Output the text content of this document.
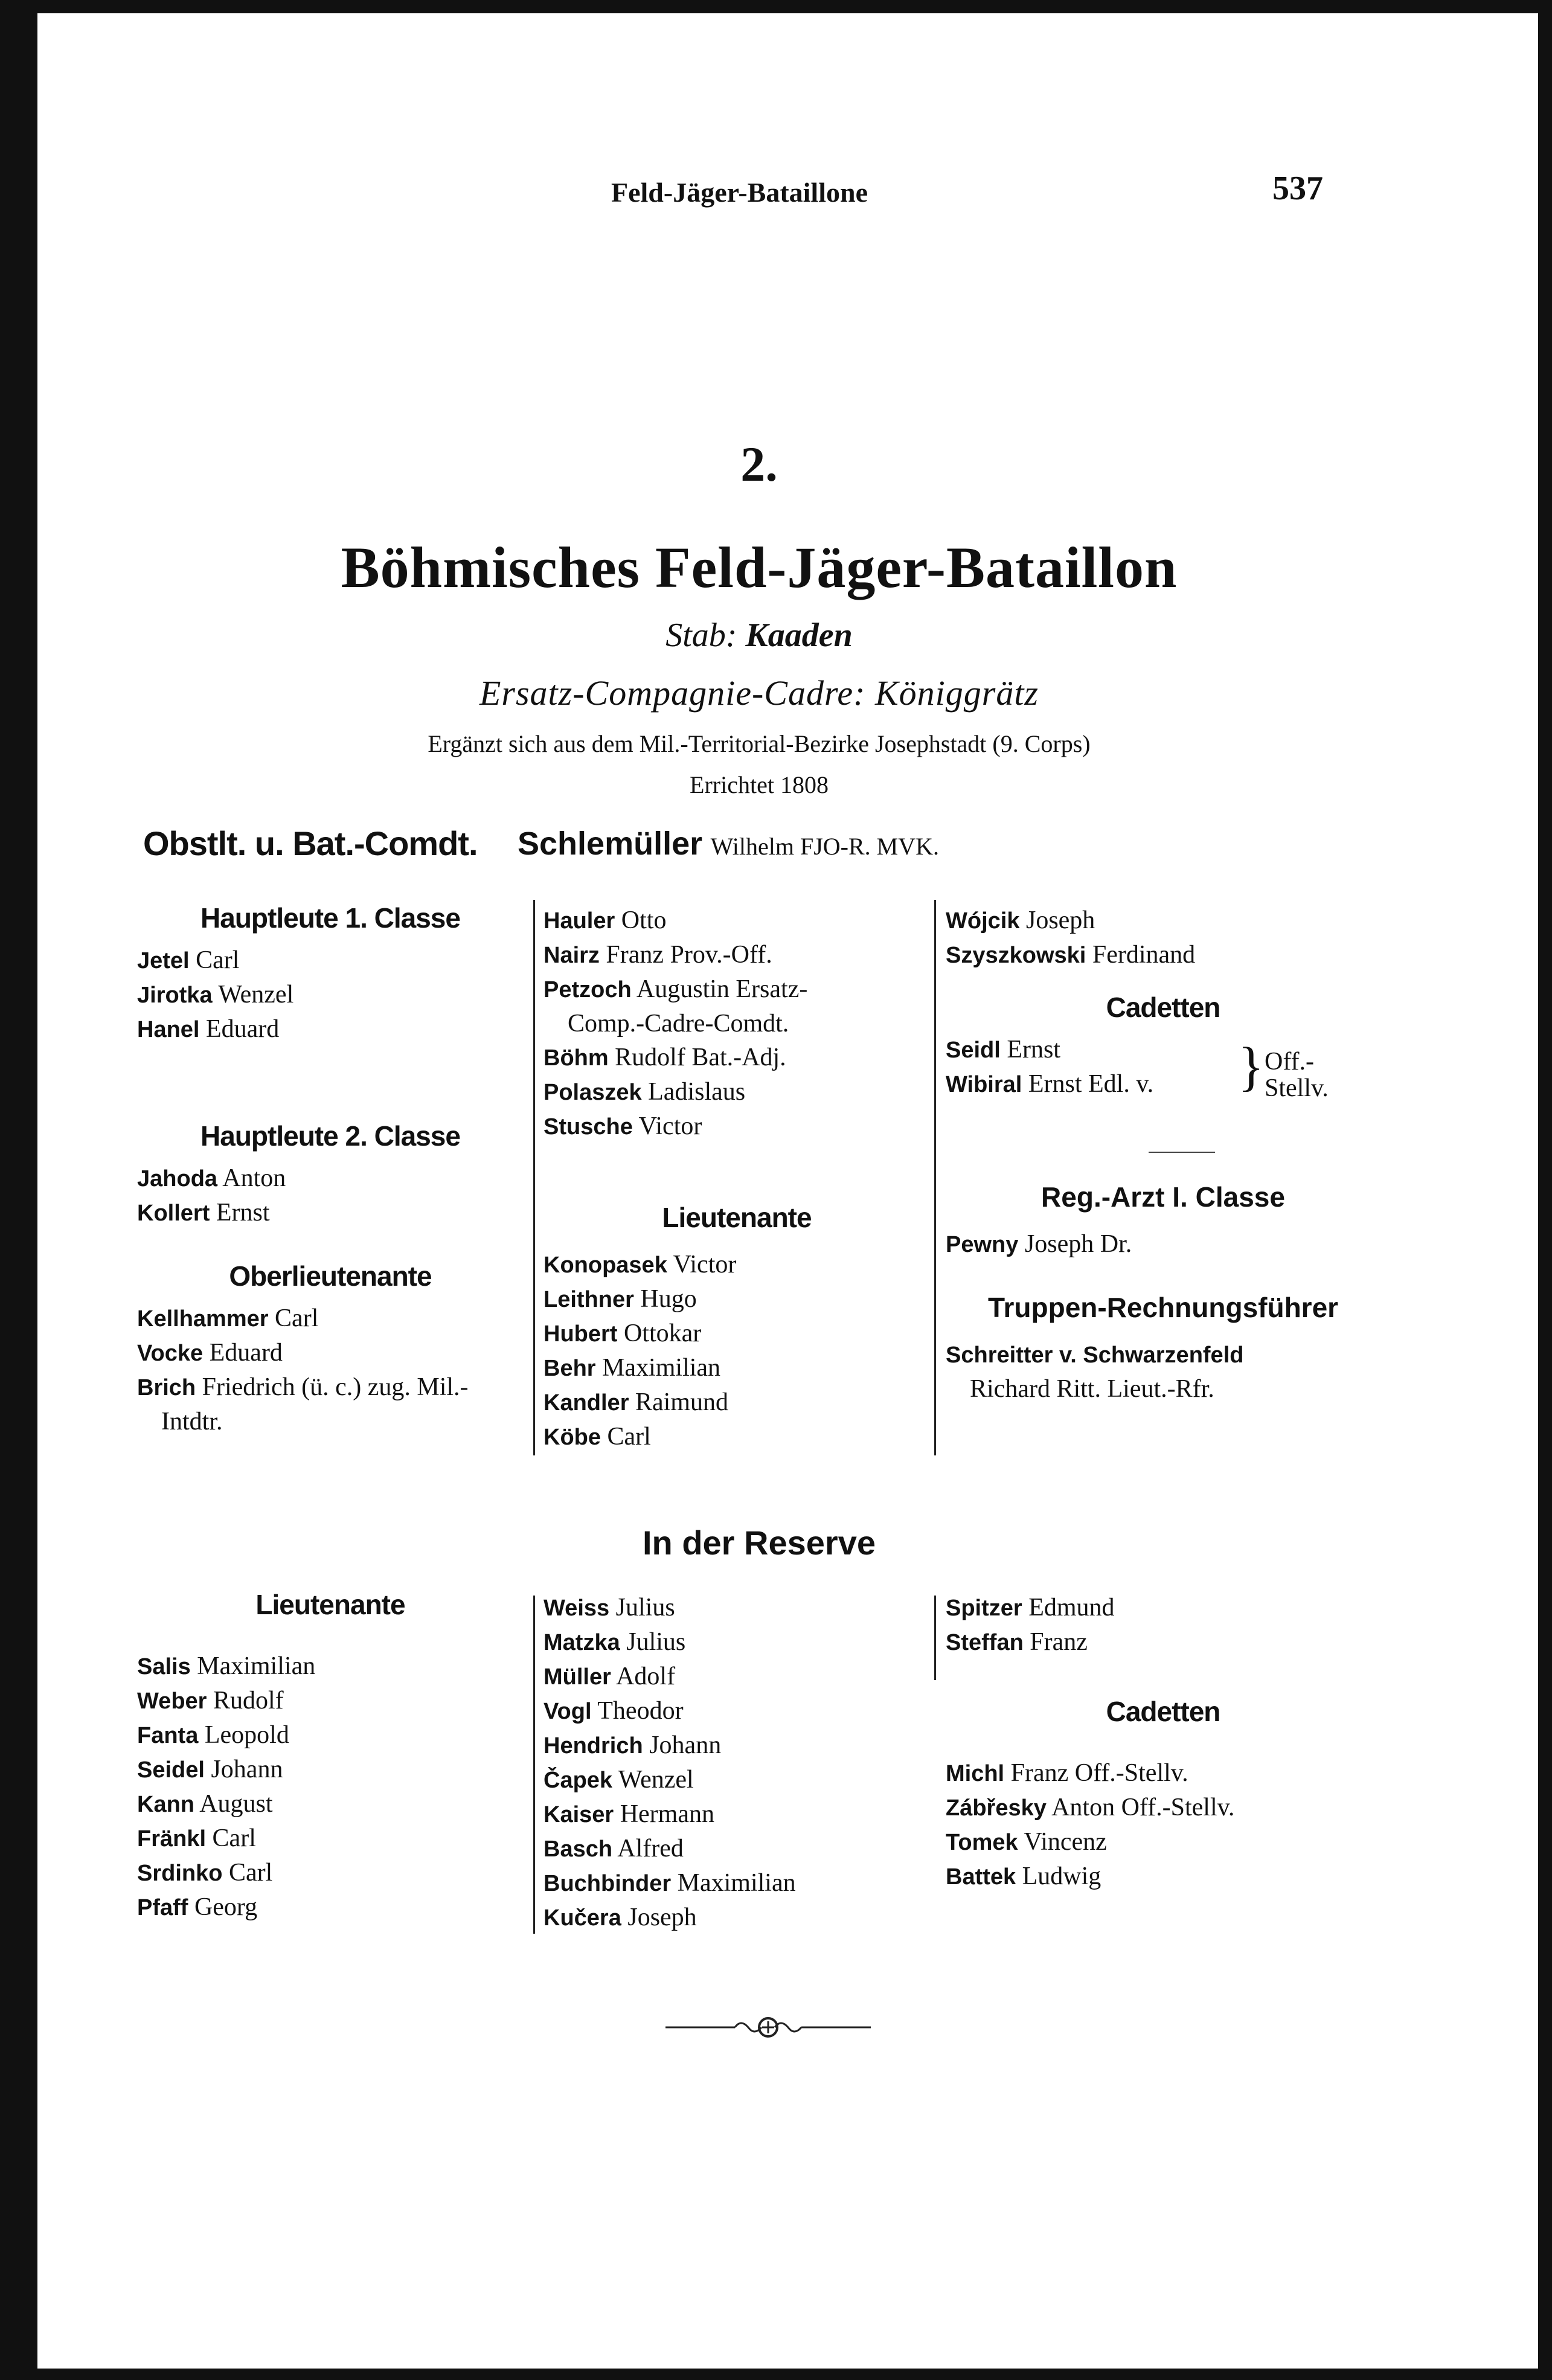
Feld-Jäger-Bataillone	537
2.
Böhmisches Feld-Jäger-Bataillon
Stab: Kaaden
Ersatz-Compagnie-Cadre: Königgrätz
Ergänzt sich aus dem Mil.-Territorial-Bezirke Josephstadt (9. Corps)
Errichtet 1808
Obstlt. u. Bat.-Comdt. Schlemüller Wilhelm FJO-R. MVK.
Hauptleute 1. Classe
Jetel Carl
Jirotka Wenzel
Hanel Eduard
Hauptleute 2. Classe
Jahoda Anton
Kollert Ernst
Oberlieutenante
Kellhammer Carl
Vocke Eduard
Brich Friedrich (ü. c.) zug. Mil.-
Intdtr.
Hauler Otto
Nairz Franz Prov.-Off.
Petzoch Augustin Ersatz-
Comp.-Cadre-Comdt.
Böhm Rudolf Bat.-Adj.
Polaszek Ladislaus
Stusche Victor
Lieutenante
Konopasek Victor
Leithner Hugo
Hubert Ottokar
Behr Maximilian
Kandler Raimund
Köbe Carl
Wójcik Joseph
Szyszkowski Ferdinand
Cadetten
Seidl Ernst
Wibiral Ernst Edl. v.
Reg.-Arzt I. Classe
Pewny Joseph Dr.
Truppen-Rechnungsführer
Schreitter v. Schwarzenfeld
Richard Ritt. Lieut.-Rfr.
} Off.-
Stellv.
In der Reserve
Lieutenante
Salis Maximilian
Weber Rudolf
Fanta Leopold
Seidel Johann
Kann August
Fränkl Carl
Srdinko Carl
Pfaff Georg
Weiss Julius
Matzka Julius
Müller Adolf
Vogl Theodor
Hendrich Johann
Čapek Wenzel
Kaiser Hermann
Basch Alfred
Buchbinder Maximilian
Kučera Joseph
Spitzer Edmund
Steffan Franz
Cadetten
Michl Franz Off.-Stellv.
Zábřesky Anton Off.-Stellv.
Tomek Vincenz
Battek Ludwig
